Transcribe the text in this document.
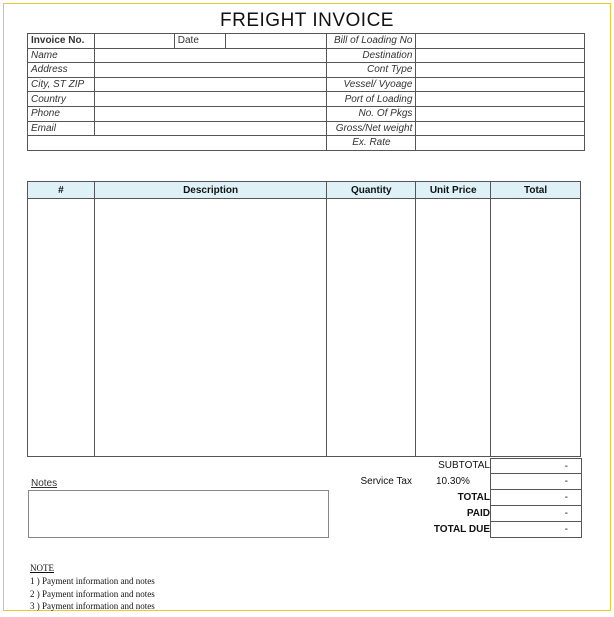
FREIGHT INVOICE
Invoice No.		Date		Bill of Loading No	
Name				Destination	
Address				Cont Type	
City, ST ZIP				Vessel/ Vyoage	
Country				Port of Loading	
Phone				No. Of Pkgs	
Email				Gross/Net weight	
				Ex. Rate	
#	Description	Quantity	Unit Price	Total

SUBTOTAL	-
Service Tax 10.30%	-
TOTAL	-
PAID	-
TOTAL DUE	-
Notes
NOTE
1 ) Payment information and notes
2 ) Payment information and notes
3 ) Payment information and notes
